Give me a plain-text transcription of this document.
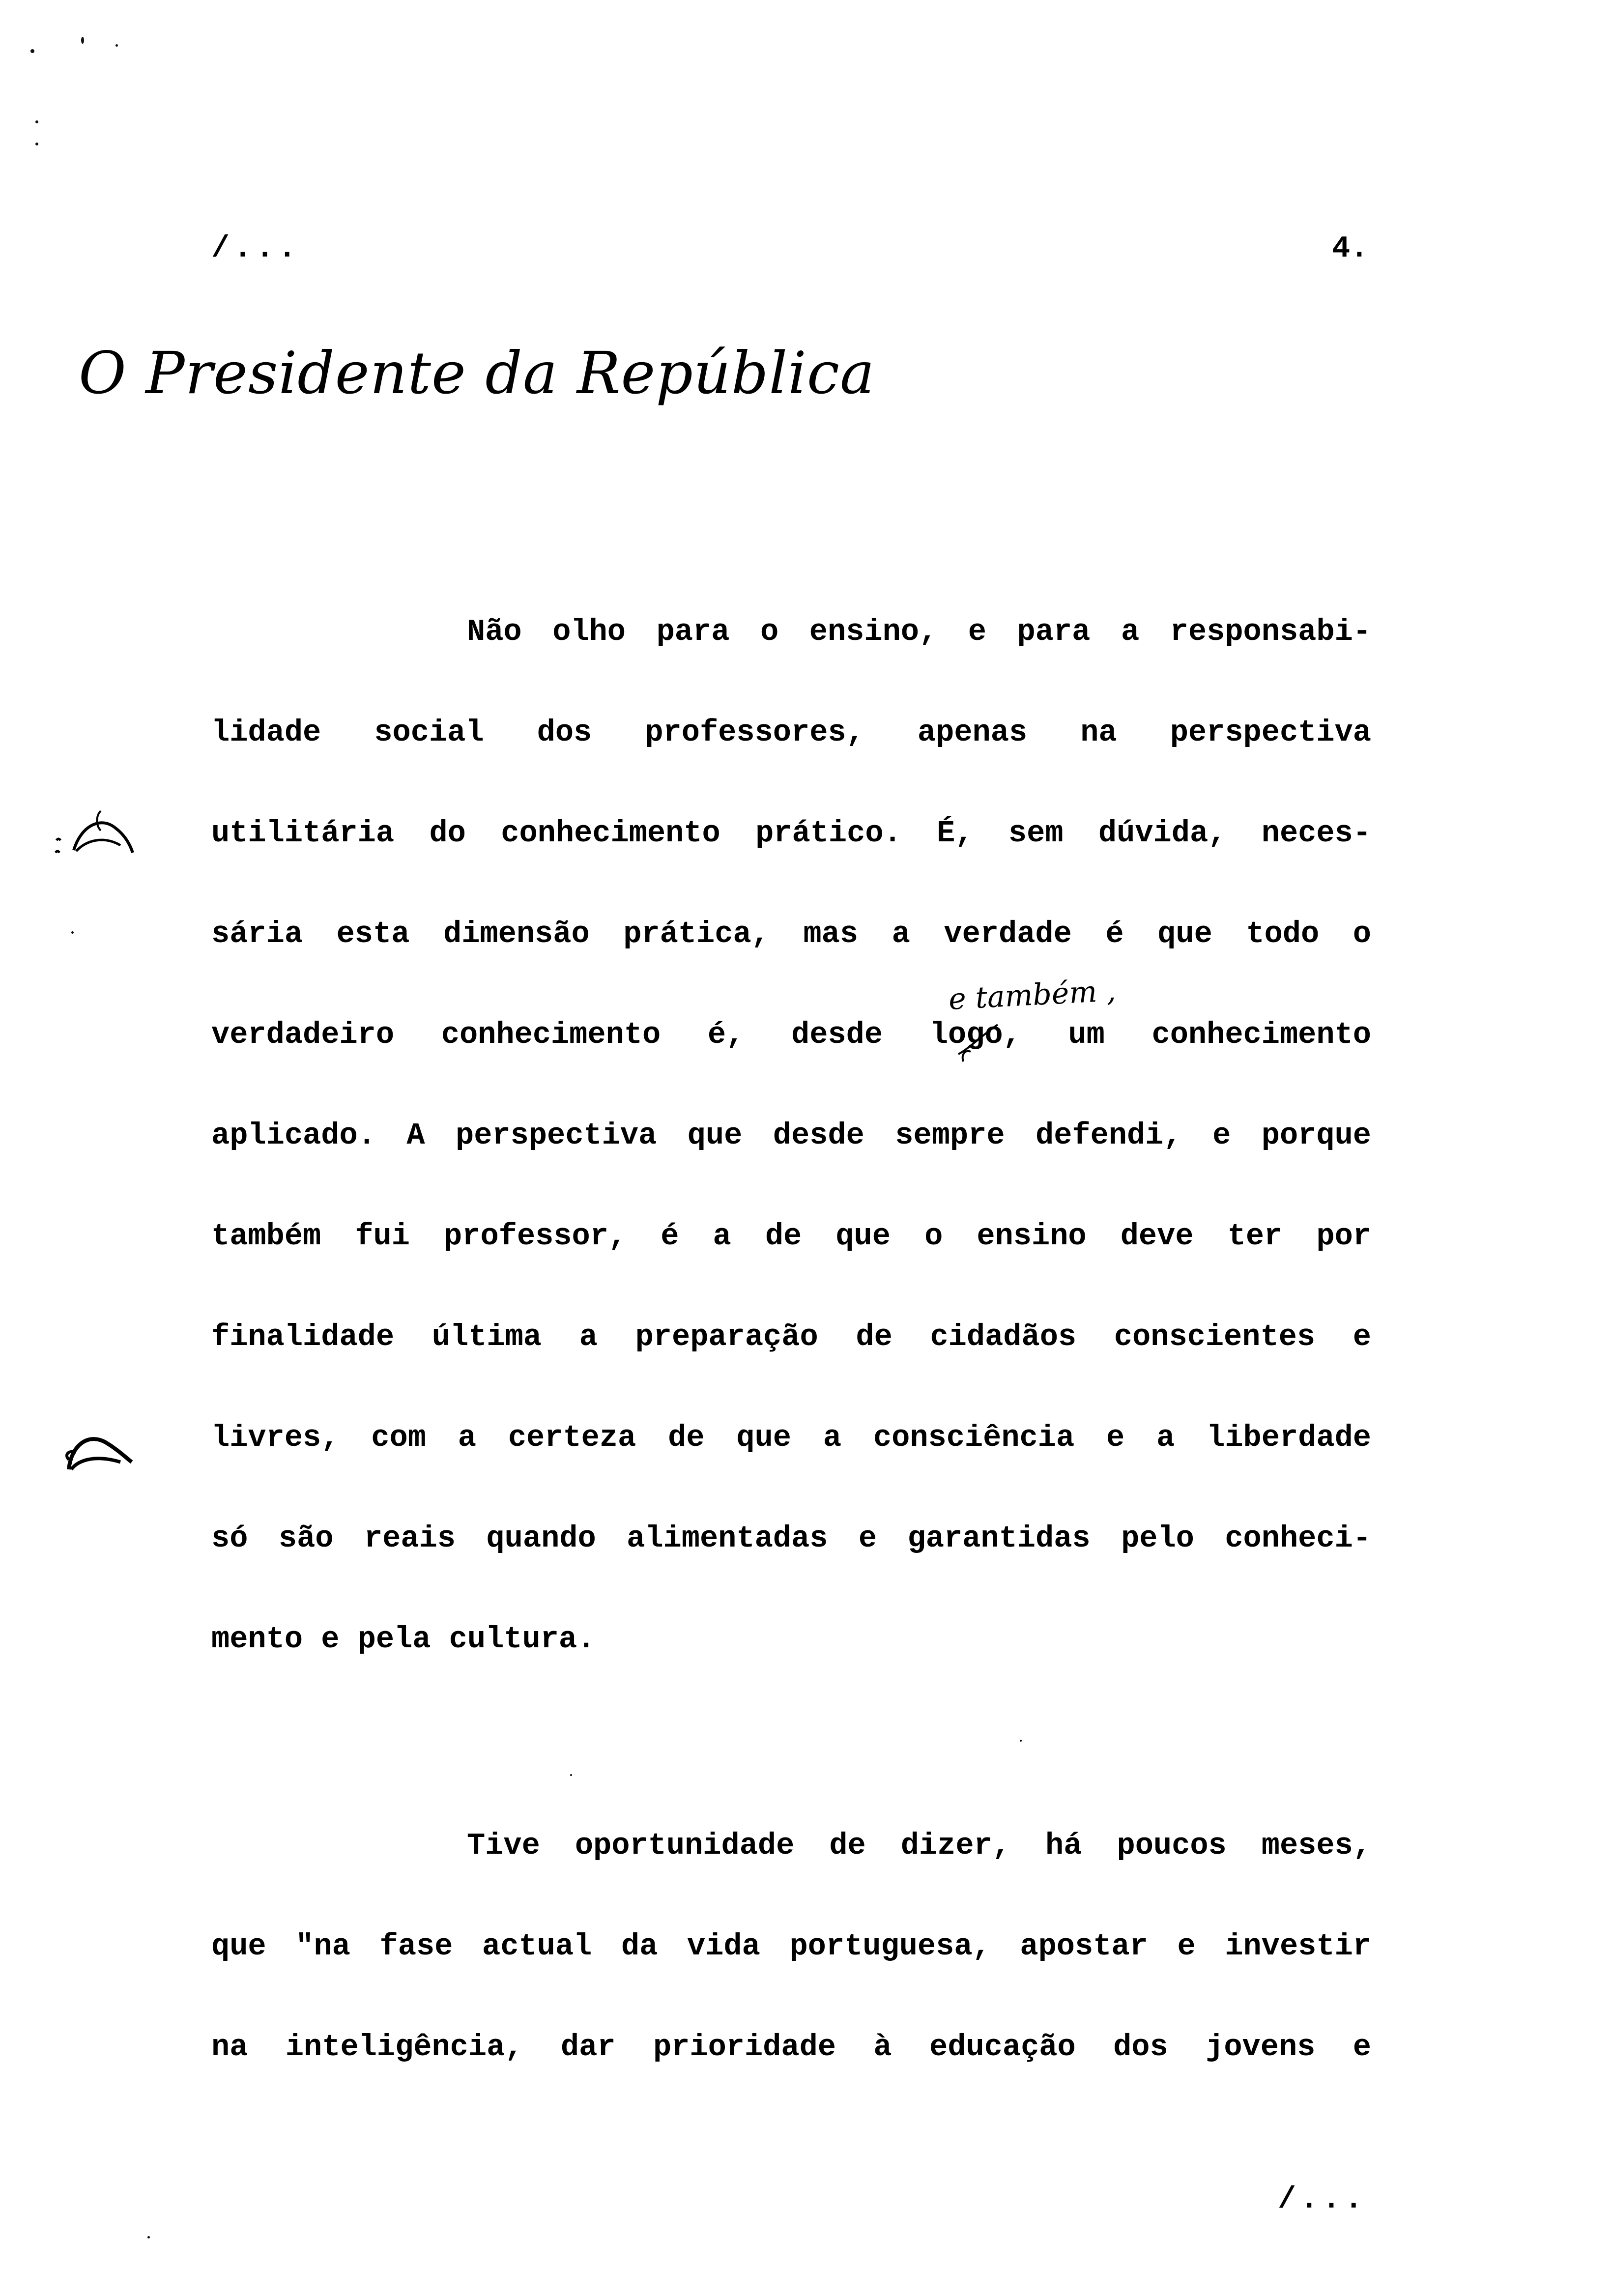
/...	4.
O Presidente da República
Não olho para o ensino, e para a responsabi-
lidade social dos professores, apenas na perspectiva
utilitária do conhecimento prático. É, sem dúvida, neces-
sária esta dimensão prática, mas a verdade é que todo o
verdadeiro conhecimento é, desde logo, um conhecimento
aplicado. A perspectiva que desde sempre defendi, e porque
também fui professor, é a de que o ensino deve ter por
finalidade última a preparação de cidadãos conscientes e
livres, com a certeza de que a consciência e a liberdade
só são reais quando alimentadas e garantidas pelo conheci-
mento e pela cultura.
e também ,
Tive oportunidade de dizer, há poucos meses,
que "na fase actual da vida portuguesa, apostar e investir
na inteligência, dar prioridade à educação dos jovens e
/...
